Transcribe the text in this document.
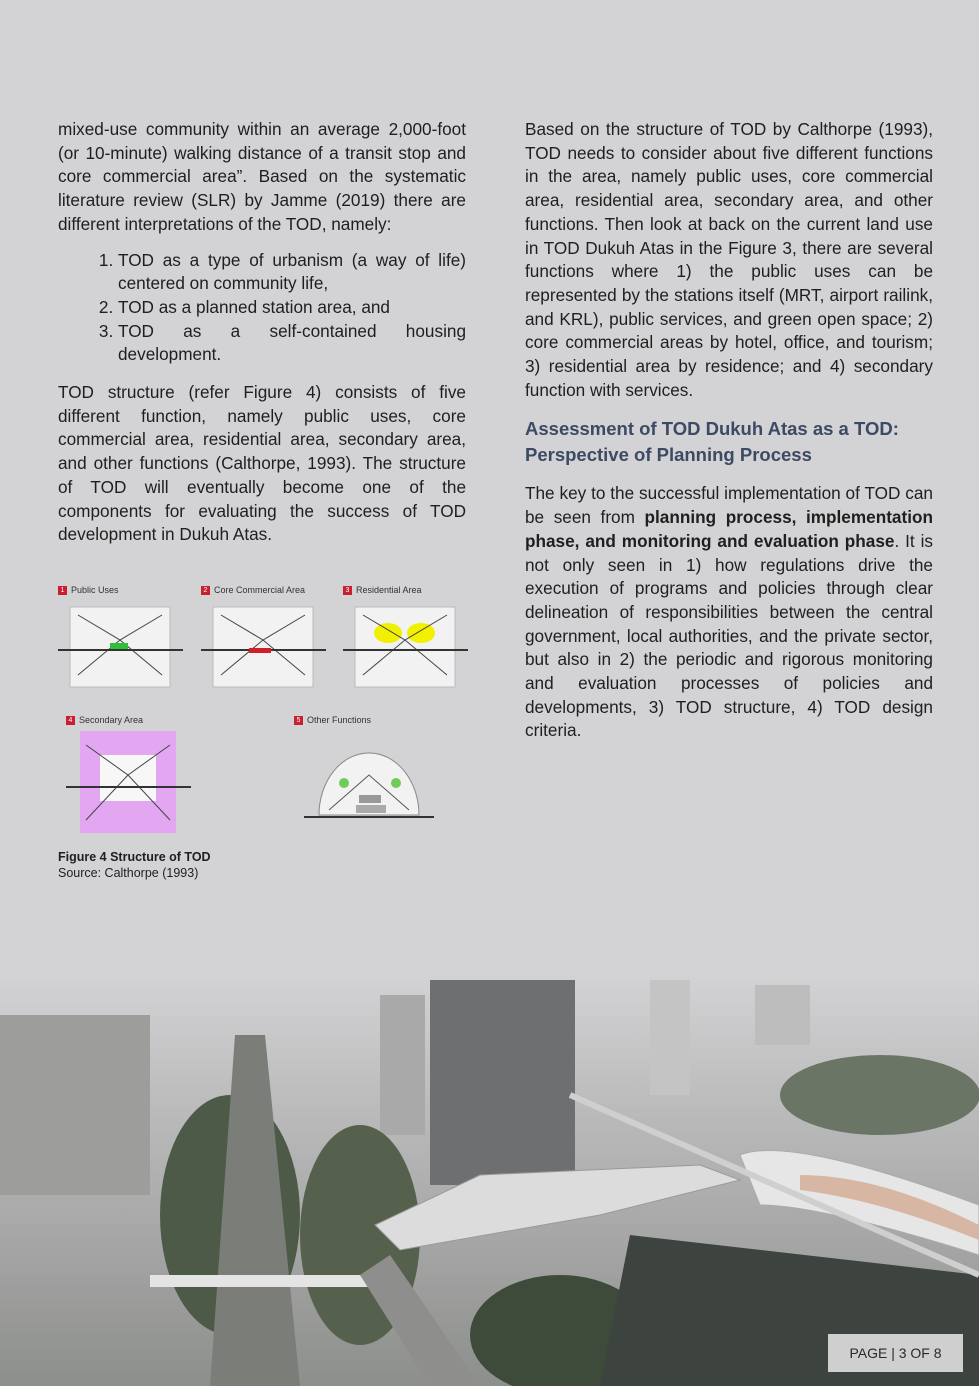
mixed-use community within an average 2,000-foot (or 10-minute) walking distance of a transit stop and core commercial area”. Based on the systematic literature review (SLR) by Jamme (2019) there are different interpretations of the TOD, namely:

1. TOD as a type of urbanism (a way of life) centered on community life,
2. TOD as a planned station area, and
3. TOD as a self-contained housing development.

TOD structure (refer Figure 4) consists of five different function, namely public uses, core commercial area, residential area, secondary area, and other functions (Calthorpe, 1993). The structure of TOD will eventually become one of the components for evaluating the success of TOD development in Dukuh Atas.

1 Public Uses	2 Core Commercial Area	3 Residential Area
4 Secondary Area	5 Other Functions
Figure 4 Structure of TOD
Source: Calthorpe (1993)

Based on the structure of TOD by Calthorpe (1993), TOD needs to consider about five different functions in the area, namely public uses, core commercial area, residential area, secondary area, and other functions. Then look at back on the current land use in TOD Dukuh Atas in the Figure 3, there are several functions where 1) the public uses can be represented by the stations itself (MRT, airport railink, and KRL), public services, and green open space; 2) core commercial areas by hotel, office, and tourism; 3) residential area by residence; and 4) secondary function with services.

Assessment of TOD Dukuh Atas as a TOD: Perspective of Planning Process

The key to the successful implementation of TOD can be seen from planning process, implementation phase, and monitoring and evaluation phase. It is not only seen in 1) how regulations drive the execution of programs and policies through clear delineation of responsibilities between the central government, local authorities, and the private sector, but also in 2) the periodic and rigorous monitoring and evaluation processes of policies and developments, 3) TOD structure, 4) TOD design criteria.

PAGE | 3 OF 8
